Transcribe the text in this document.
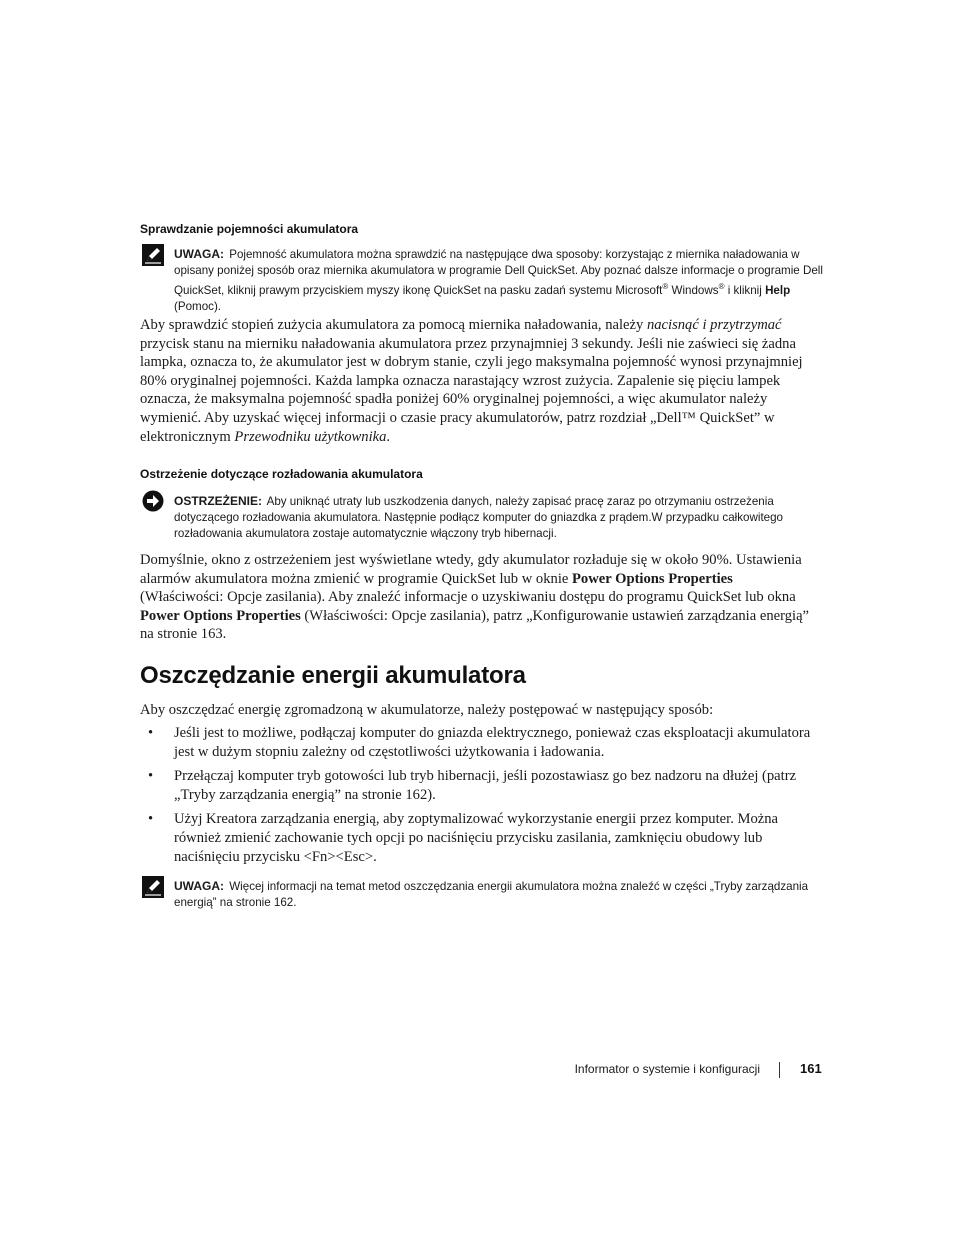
Sprawdzanie pojemności akumulatora

UWAGA: Pojemność akumulatora można sprawdzić na następujące dwa sposoby: korzystając z miernika naładowania w opisany poniżej sposób oraz miernika akumulatora w programie Dell QuickSet. Aby poznać dalsze informacje o programie Dell QuickSet, kliknij prawym przyciskiem myszy ikonę QuickSet na pasku zadań systemu Microsoft® Windows® i kliknij Help (Pomoc).

Aby sprawdzić stopień zużycia akumulatora za pomocą miernika naładowania, należy nacisnąć i przytrzymać przycisk stanu na mierniku naładowania akumulatora przez przynajmniej 3 sekundy. Jeśli nie zaświeci się żadna lampka, oznacza to, że akumulator jest w dobrym stanie, czyli jego maksymalna pojemność wynosi przynajmniej 80% oryginalnej pojemności. Każda lampka oznacza narastający wzrost zużycia. Zapalenie się pięciu lampek oznacza, że maksymalna pojemność spadła poniżej 60% oryginalnej pojemności, a więc akumulator należy wymienić. Aby uzyskać więcej informacji o czasie pracy akumulatorów, patrz rozdział „Dell™ QuickSet” w elektronicznym Przewodniku użytkownika.

Ostrzeżenie dotyczące rozładowania akumulatora

OSTRZEŻENIE: Aby uniknąć utraty lub uszkodzenia danych, należy zapisać pracę zaraz po otrzymaniu ostrzeżenia dotyczącego rozładowania akumulatora. Następnie podłącz komputer do gniazdka z prądem.W przypadku całkowitego rozładowania akumulatora zostaje automatycznie włączony tryb hibernacji.

Domyślnie, okno z ostrzeżeniem jest wyświetlane wtedy, gdy akumulator rozładuje się w około 90%. Ustawienia alarmów akumulatora można zmienić w programie QuickSet lub w oknie Power Options Properties (Właściwości: Opcje zasilania). Aby znaleźć informacje o uzyskiwaniu dostępu do programu QuickSet lub okna Power Options Properties (Właściwości: Opcje zasilania), patrz „Konfigurowanie ustawień zarządzania energią” na stronie 163.

Oszczędzanie energii akumulatora

Aby oszczędzać energię zgromadzoną w akumulatorze, należy postępować w następujący sposób:

• Jeśli jest to możliwe, podłączaj komputer do gniazda elektrycznego, ponieważ czas eksploatacji akumulatora jest w dużym stopniu zależny od częstotliwości użytkowania i ładowania.
• Przełączaj komputer tryb gotowości lub tryb hibernacji, jeśli pozostawiasz go bez nadzoru na dłużej (patrz „Tryby zarządzania energią” na stronie 162).
• Użyj Kreatora zarządzania energią, aby zoptymalizować wykorzystanie energii przez komputer. Można również zmienić zachowanie tych opcji po naciśnięciu przycisku zasilania, zamknięciu obudowy lub naciśnięciu przycisku <Fn><Esc>.

UWAGA: Więcej informacji na temat metod oszczędzania energii akumulatora można znaleźć w części „Tryby zarządzania energią” na stronie 162.

Informator o systemie i konfiguracji	161
